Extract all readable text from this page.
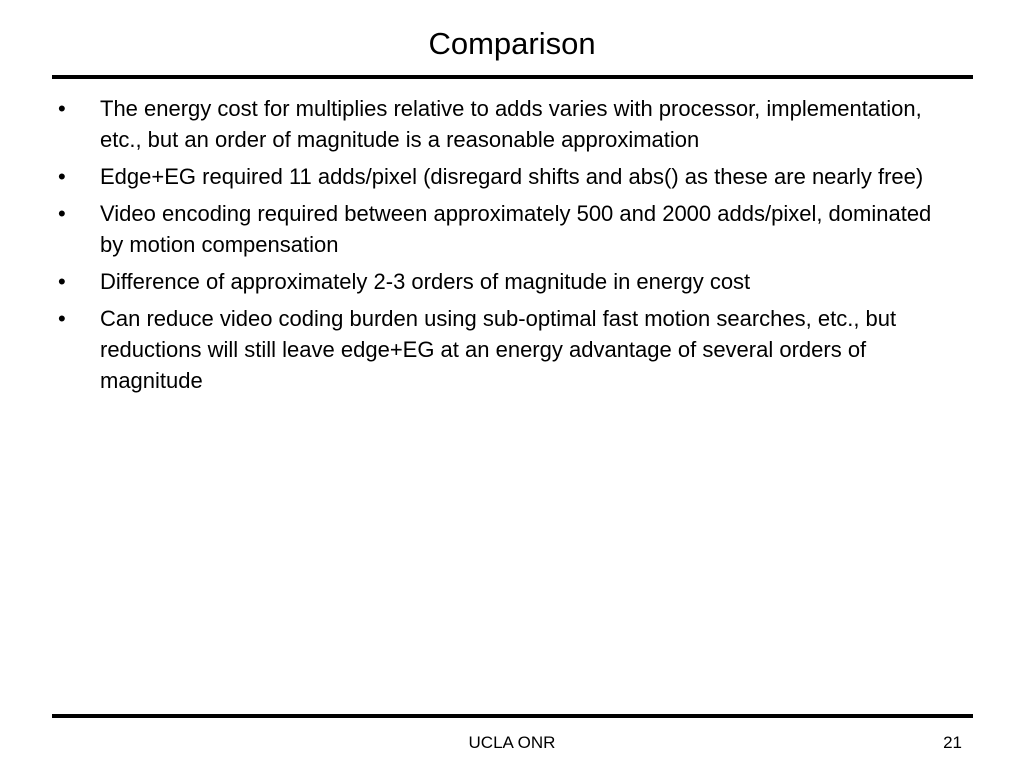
Comparison
•	The energy cost for multiplies relative to adds varies with processor, implementation, etc., but an order of magnitude is a reasonable approximation
•	Edge+EG required 11 adds/pixel (disregard shifts and abs() as these are nearly free)
•	Video encoding required between approximately 500 and 2000 adds/pixel, dominated by motion compensation
•	Difference of approximately 2-3 orders of magnitude in energy cost
•	Can reduce video coding burden using sub-optimal fast motion searches, etc., but reductions will still leave edge+EG at an energy advantage of several orders of magnitude
UCLA ONR	21
